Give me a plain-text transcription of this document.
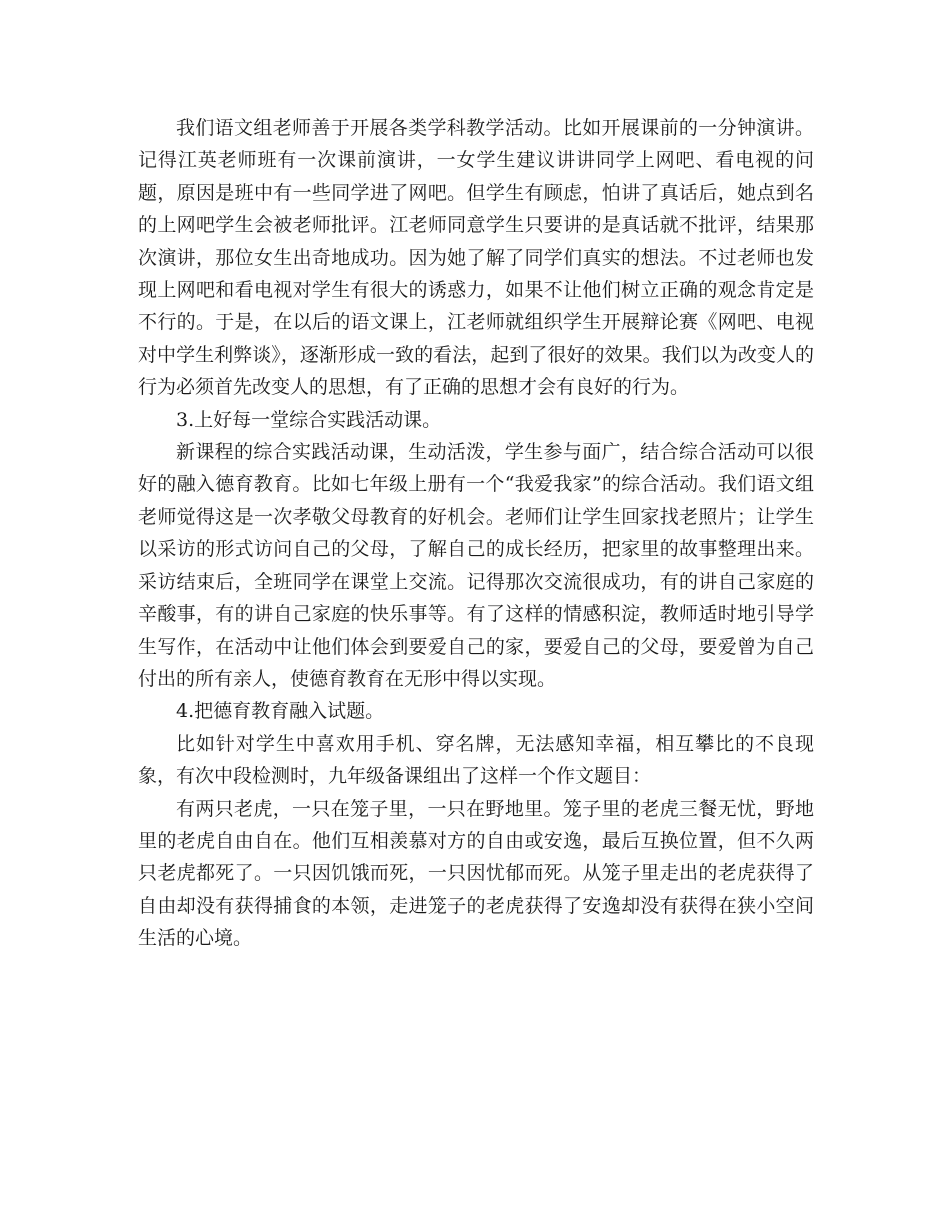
我们语文组老师善于开展各类学科教学活动。比如开展课前的一分钟演讲。记得江英老师班有一次课前演讲，一女学生建议讲讲同学上网吧、看电视的问题，原因是班中有一些同学进了网吧。但学生有顾虑，怕讲了真话后，她点到名的上网吧学生会被老师批评。江老师同意学生只要讲的是真话就不批评，结果那次演讲，那位女生出奇地成功。因为她了解了同学们真实的想法。不过老师也发现上网吧和看电视对学生有很大的诱惑力，如果不让他们树立正确的观念肯定是不行的。于是，在以后的语文课上，江老师就组织学生开展辩论赛《网吧、电视对中学生利弊谈》，逐渐形成一致的看法，起到了很好的效果。我们以为改变人的行为必须首先改变人的思想，有了正确的思想才会有良好的行为。

3.上好每一堂综合实践活动课。

新课程的综合实践活动课，生动活泼，学生参与面广，结合综合活动可以很好的融入德育教育。比如七年级上册有一个“我爱我家”的综合活动。我们语文组老师觉得这是一次孝敬父母教育的好机会。老师们让学生回家找老照片；让学生以采访的形式访问自己的父母，了解自己的成长经历，把家里的故事整理出来。采访结束后，全班同学在课堂上交流。记得那次交流很成功，有的讲自己家庭的辛酸事，有的讲自己家庭的快乐事等。有了这样的情感积淀，教师适时地引导学生写作，在活动中让他们体会到要爱自己的家，要爱自己的父母，要爱曾为自己付出的所有亲人，使德育教育在无形中得以实现。

4.把德育教育融入试题。

比如针对学生中喜欢用手机、穿名牌，无法感知幸福，相互攀比的不良现象，有次中段检测时，九年级备课组出了这样一个作文题目：

有两只老虎，一只在笼子里，一只在野地里。笼子里的老虎三餐无忧，野地里的老虎自由自在。他们互相羡慕对方的自由或安逸，最后互换位置，但不久两只老虎都死了。一只因饥饿而死，一只因忧郁而死。从笼子里走出的老虎获得了自由却没有获得捕食的本领，走进笼子的老虎获得了安逸却没有获得在狭小空间生活的心境。
